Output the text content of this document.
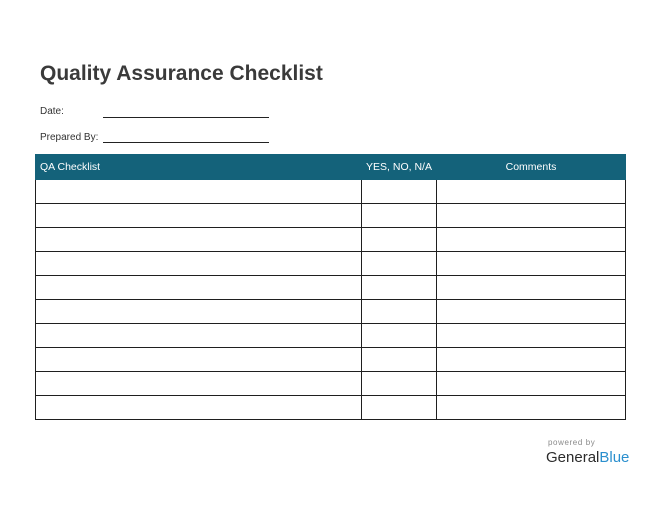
Quality Assurance Checklist
Date:
Prepared By:
QA Checklist	YES, NO, N/A	Comments

powered by
GeneralBlue
